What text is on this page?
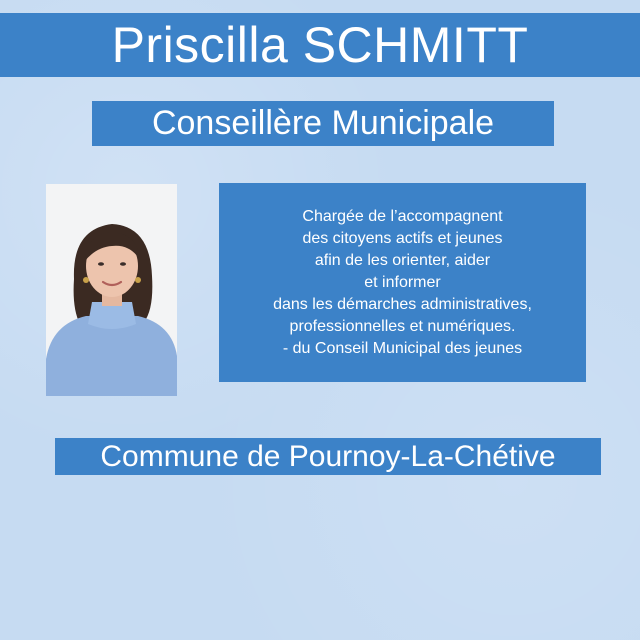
Priscilla SCHMITT
Conseillère Municipale
Chargée de l’accompagnent
des citoyens actifs et jeunes
afin de les orienter, aider
et informer
dans les démarches administratives,
professionnelles et numériques.
- du Conseil Municipal des jeunes
Commune de Pournoy-La-Chétive
